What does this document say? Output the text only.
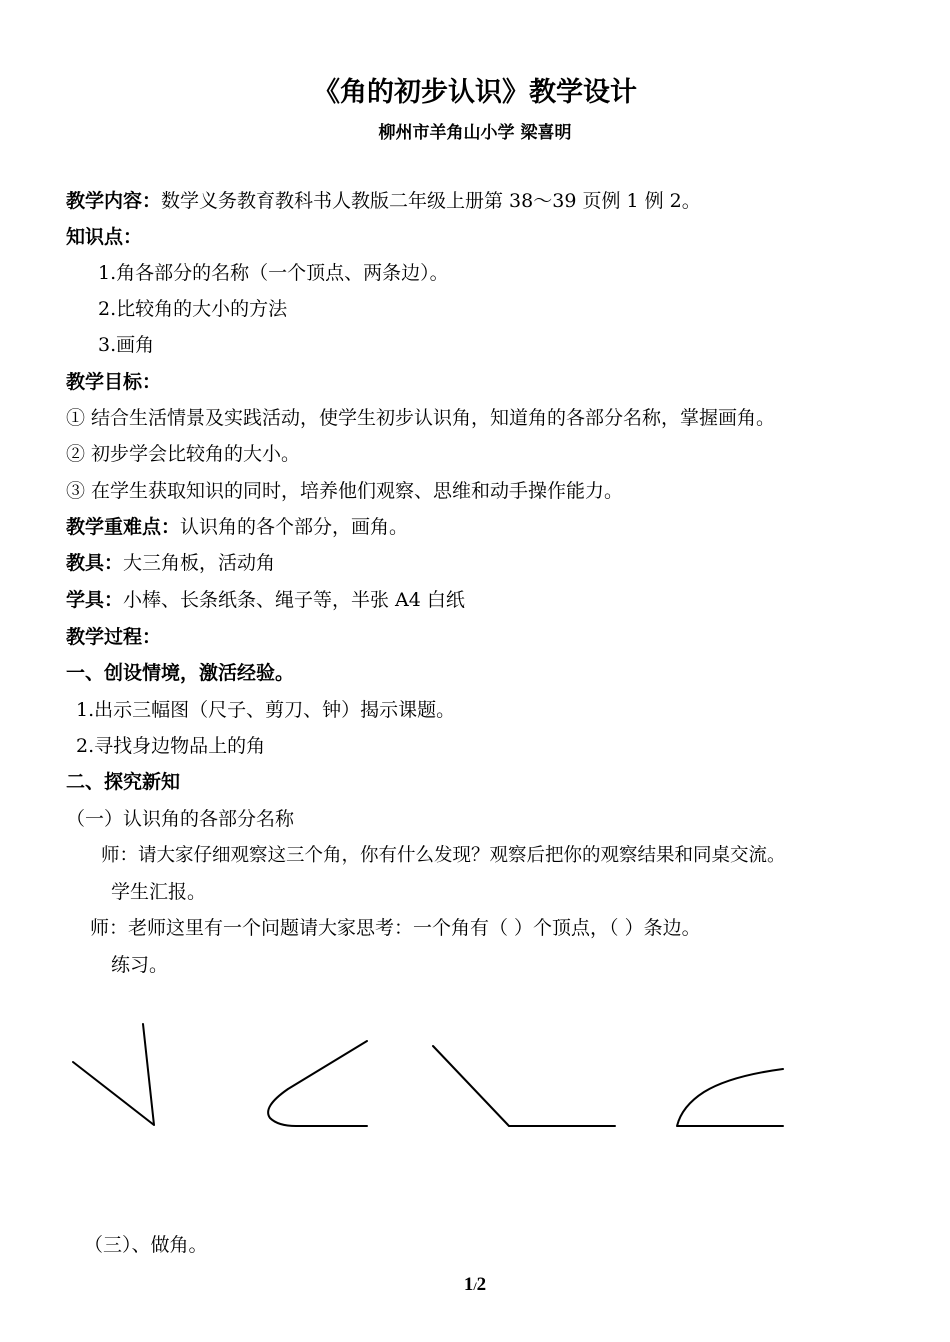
《角的初步认识》教学设计
柳州市羊角山小学 梁喜明
教学内容：数学义务教育教科书人教版二年级上册第 38～39 页例 1 例 2。
知识点：
1.角各部分的名称（一个顶点、两条边）。
2.比较角的大小的方法
3.画角
教学目标：
① 结合生活情景及实践活动，使学生初步认识角，知道角的各部分名称，掌握画角。
② 初步学会比较角的大小。
③ 在学生获取知识的同时，培养他们观察、思维和动手操作能力。
教学重难点：认识角的各个部分，画角。
教具：大三角板，活动角
学具：小棒、长条纸条、绳子等，半张 A4 白纸
教学过程：
一、创设情境，激活经验。
1.出示三幅图（尺子、剪刀、钟）揭示课题。
2.寻找身边物品上的角
二、探究新知
（一）认识角的各部分名称
师：请大家仔细观察这三个角，你有什么发现？观察后把你的观察结果和同桌交流。
学生汇报。
师：老师这里有一个问题请大家思考：一个角有（ ）个顶点，（ ）条边。
练习。
（三）、做角。
1/2
